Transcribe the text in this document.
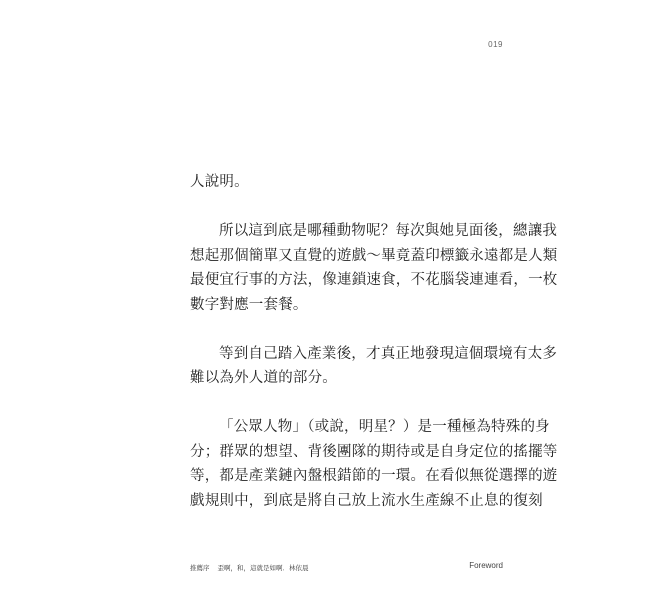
019

人說明。

所以這到底是哪種動物呢？每次與她見面後，總讓我
想起那個簡單又直覺的遊戲～畢竟蓋印標籤永遠都是人類
最便宜行事的方法，像連鎖速食，不花腦袋連連看，一枚
數字對應一套餐。

等到自己踏入產業後，才真正地發現這個環境有太多
難以為外人道的部分。

「公眾人物」（或說，明星？）是一種極為特殊的身
分；群眾的想望、背後團隊的期待或是自身定位的搖擺等
等，都是產業鏈內盤根錯節的一環。在看似無從選擇的遊
戲規則中，到底是將自己放上流水生產線不止息的復刻

推薦序 歪啊，和，這就是如啊．林依晨	Foreword
